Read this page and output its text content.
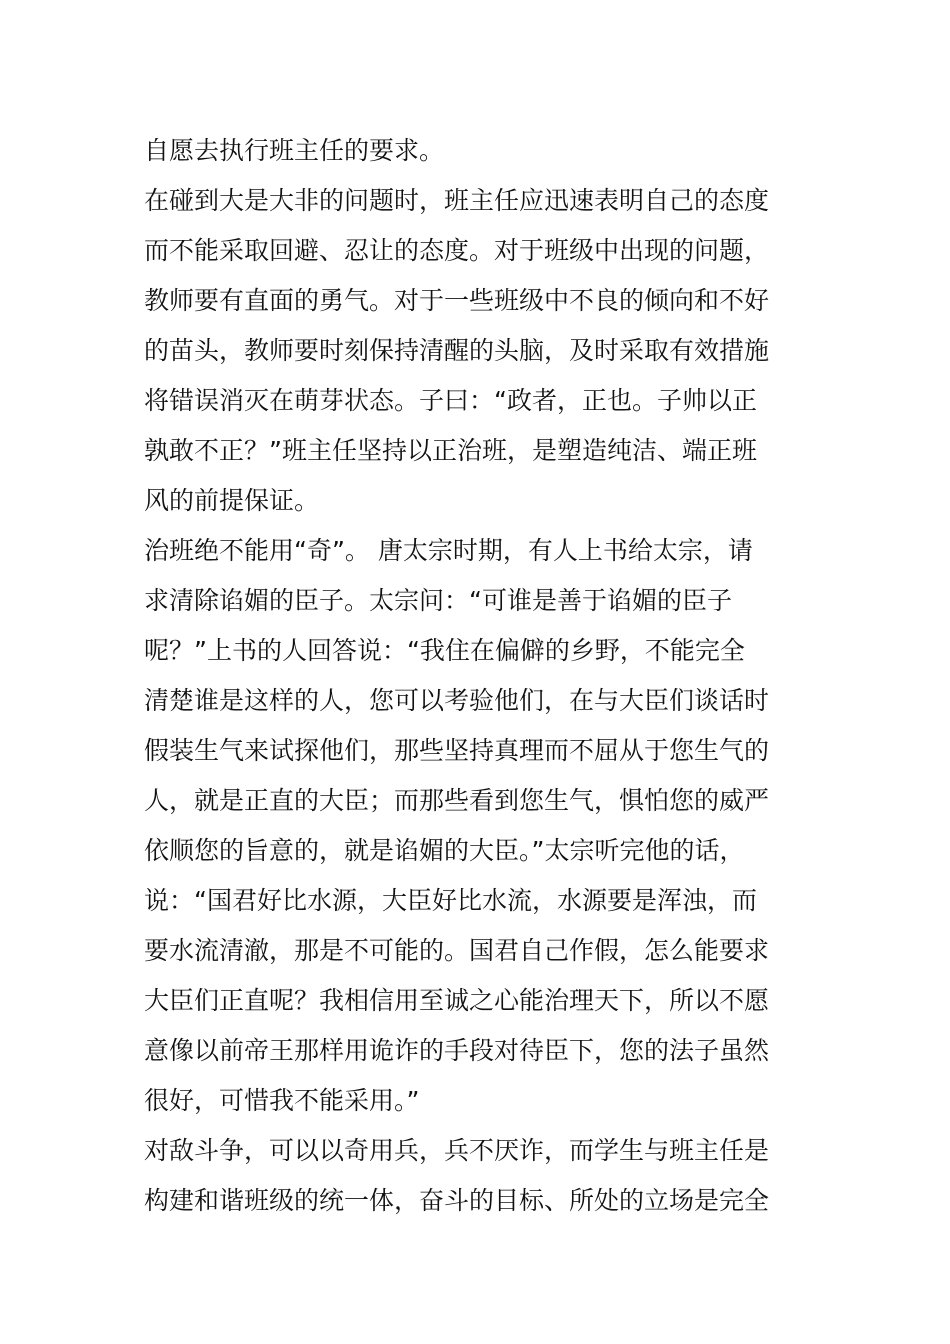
自愿去执行班主任的要求。
在碰到大是大非的问题时，班主任应迅速表明自己的态度
而不能采取回避、忍让的态度。对于班级中出现的问题，
教师要有直面的勇气。对于一些班级中不良的倾向和不好
的苗头，教师要时刻保持清醒的头脑，及时采取有效措施
将错误消灭在萌芽状态。子曰：“政者，正也。子帅以正
孰敢不正？”班主任坚持以正治班，是塑造纯洁、端正班
风的前提保证。
治班绝不能用“奇”。 唐太宗时期，有人上书给太宗，请
求清除谄媚的臣子。太宗问：“可谁是善于谄媚的臣子
呢？”上书的人回答说：“我住在偏僻的乡野，不能完全
清楚谁是这样的人，您可以考验他们，在与大臣们谈话时
假装生气来试探他们，那些坚持真理而不屈从于您生气的
人，就是正直的大臣；而那些看到您生气，惧怕您的威严
依顺您的旨意的，就是谄媚的大臣。”太宗听完他的话，
说：“国君好比水源，大臣好比水流，水源要是浑浊，而
要水流清澈，那是不可能的。国君自己作假，怎么能要求
大臣们正直呢？我相信用至诚之心能治理天下，所以不愿
意像以前帝王那样用诡诈的手段对待臣下，您的法子虽然
很好，可惜我不能采用。”
对敌斗争，可以以奇用兵，兵不厌诈，而学生与班主任是
构建和谐班级的统一体，奋斗的目标、所处的立场是完全
